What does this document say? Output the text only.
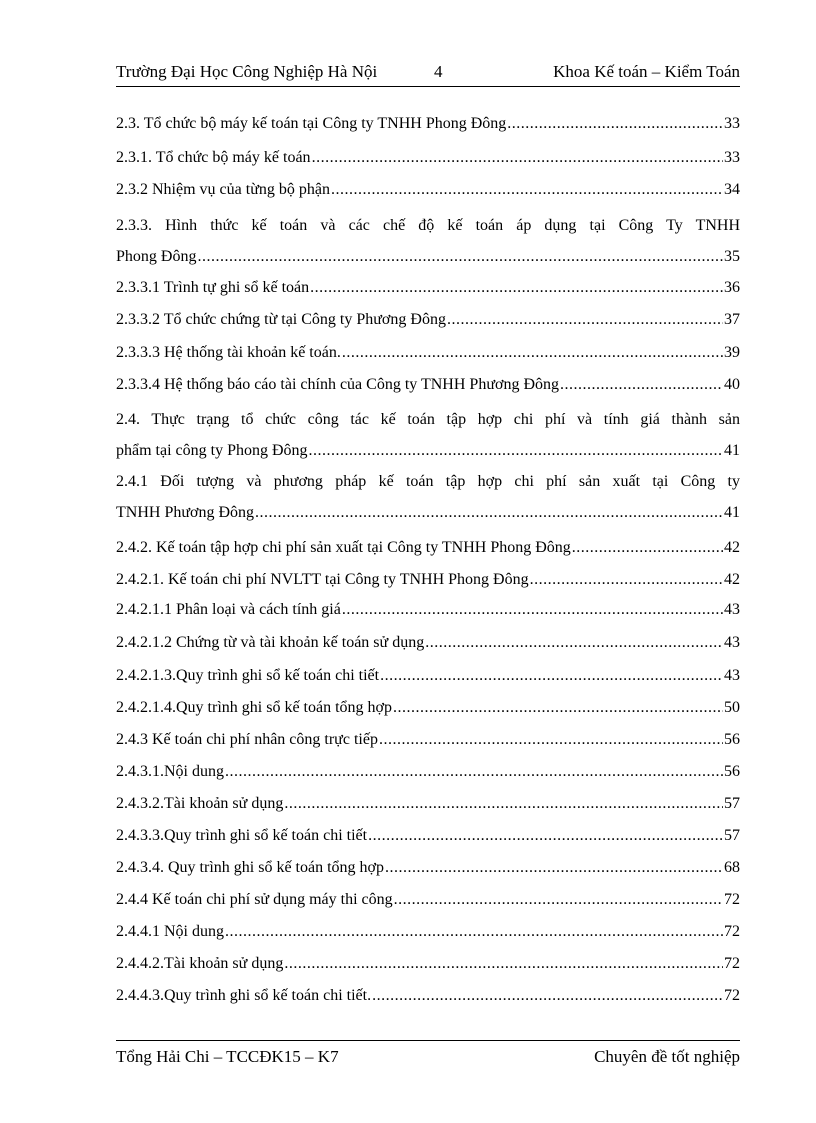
Trường Đại Học Công Nghiệp Hà Nội	4	Khoa Kế toán – Kiểm Toán
2.3. Tổ chức bộ máy kế toán tại Công ty TNHH Phong Đông .....	33
2.3.1. Tổ chức bộ máy kế toán .....	33
2.3.2 Nhiệm vụ của từng bộ phận .....	34
2.3.3. Hình thức kế toán và các chế độ kế toán áp dụng tại Công Ty TNHH
Phong Đông .....	35
2.3.3.1 Trình tự ghi sổ kế toán .....	36
2.3.3.2 Tổ chức chứng từ tại Công ty Phương Đông .....	37
2.3.3.3 Hệ thống tài khoản kế toán. .....	39
2.3.3.4 Hệ thống báo cáo tài chính của Công ty TNHH Phương Đông .....	40
2.4. Thực trạng tổ chức công tác kế toán tập hợp chi phí và tính giá thành sản
phẩm tại công ty Phong Đông .....	41
2.4.1 Đối tượng và phương pháp kế toán tập hợp chi phí sản xuất tại Công ty
TNHH Phương Đông .....	41
2.4.2. Kế toán tập hợp chi phí sản xuất tại Công ty TNHH Phong Đông .....	42
2.4.2.1. Kế toán chi phí NVLTT tại Công ty TNHH Phong Đông .....	42
2.4.2.1.1 Phân loại và cách tính giá .....	43
2.4.2.1.2 Chứng từ và tài khoản kế toán sử dụng .....	43
2.4.2.1.3.Quy trình ghi sổ kế toán chi tiết .....	43
2.4.2.1.4.Quy trình ghi sổ kế toán tổng hợp .....	50
2.4.3 Kế toán chi phí nhân công trực tiếp .....	56
2.4.3.1.Nội dung .....	56
2.4.3.2.Tài khoản sử dụng .....	57
2.4.3.3.Quy trình ghi sổ kế toán chi tiết .....	57
2.4.3.4. Quy trình ghi sổ kế toán tổng hợp .....	68
2.4.4 Kế toán chi phí sử dụng máy thi công .....	72
2.4.4.1 Nội dung .....	72
2.4.4.2.Tài khoản sử dụng .....	72
2.4.4.3.Quy trình ghi sổ kế toán chi tiết. .....	72
Tổng Hải Chi – TCCĐK15 – K7	Chuyên đề tốt nghiệp
